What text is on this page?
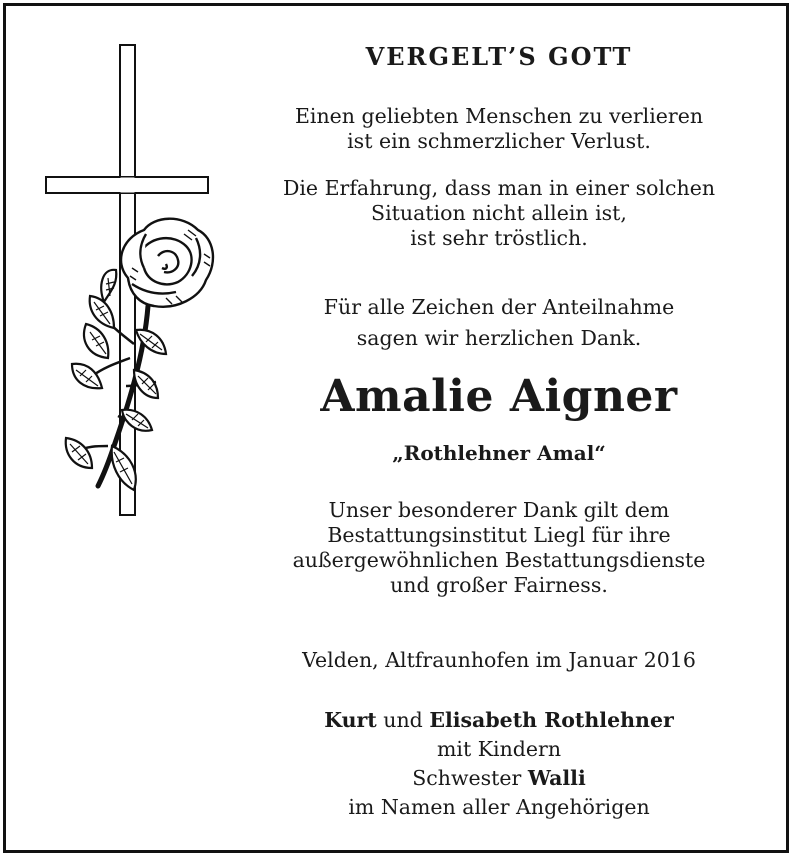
VERGELT’S GOTT
Einen geliebten Menschen zu verlieren
ist ein schmerzlicher Verlust.
Die Erfahrung, dass man in einer solchen
Situation nicht allein ist,
ist sehr tröstlich.
Für alle Zeichen der Anteilnahme
sagen wir herzlichen Dank.
Amalie Aigner
„Rothlehner Amal“
Unser besonderer Dank gilt dem
Bestattungsinstitut Liegl für ihre
außergewöhnlichen Bestattungsdienste
und großer Fairness.
Velden, Altfraunhofen im Januar 2016
Kurt und Elisabeth Rothlehner
mit Kindern
Schwester Walli
im Namen aller Angehörigen
